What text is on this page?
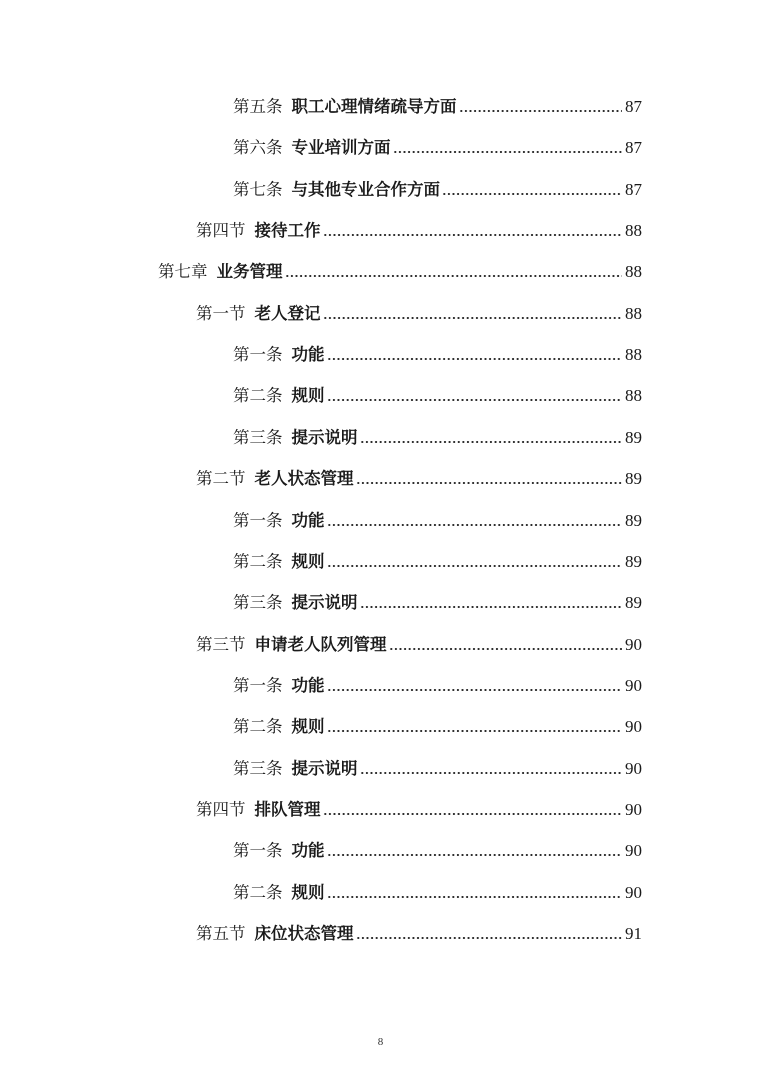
第五条 职工心理情绪疏导方面	87
第六条 专业培训方面	87
第七条 与其他专业合作方面	87
第四节 接待工作	88
第七章 业务管理	88
第一节 老人登记	88
第一条 功能	88
第二条 规则	88
第三条 提示说明	89
第二节 老人状态管理	89
第一条 功能	89
第二条 规则	89
第三条 提示说明	89
第三节 申请老人队列管理	90
第一条 功能	90
第二条 规则	90
第三条 提示说明	90
第四节 排队管理	90
第一条 功能	90
第二条 规则	90
第五节 床位状态管理	91
8
